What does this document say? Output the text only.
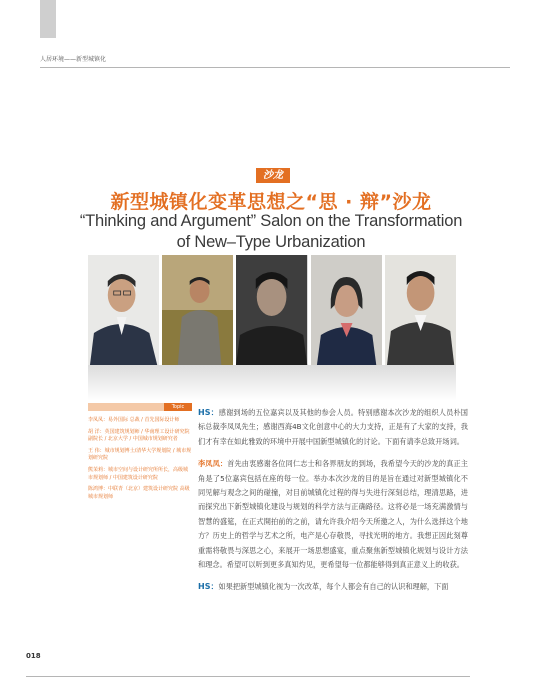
人居环境——新型城镇化
沙龙
新型城镇化变革思想之“思 · 辩”沙龙
“Thinking and Argument” Salon on the Transformation
of New–Type Urbanization
Topic
李凤凤：易外国际 总裁 / 首先国际设计师
胡 洋：英国建筑规划师 / 华南理工设计研究院副院长 / 北京大学 / 中国城市规划研究者
王 伟：城市规划博士/清华大学规划院 / 城市规划研究院
熊茉莉：城市空间与设计研究所所长，高级城市规划师 / 中国建筑设计研究院
陈鸿博：中联青（北京）建筑设计研究院 高级城市规划师

HS：感谢到场的五位嘉宾以及其他的参会人员。特别感谢本次沙龙的组织人员朴国标总裁李凤凤先生；感谢西海4B文化创意中心的大力支持，正是有了大家的支持，我们才有幸在如此雅致的环境中开展中国新型城镇化的讨论。下面有请李总致开场词。

李凤凤：首先由衷感谢各位同仁志士和各界朋友的到场，我希望今天的沙龙的真正主角是了5位嘉宾包括在座的每一位。举办本次沙龙的目的是旨在通过对新型城镇化不同见解与观念之间的碰撞，对目前城镇化过程的得与失进行深刻总结，理清思路，进而探究出下新型城镇化建设与规划的科学方法与正确路径。这将必是一场充满激情与智慧的盛筵，在正式開拍前的之前，请允许我介绍今天所邀之人，为什么选择这个地方？历史上的哲学与艺术之所，电产是心存敬畏，寻找光明的地方。我想正因此刻尊重需将敬畏与深思之心，来展开一场思想盛宴，重点聚焦新型城镇化规划与设计方法和理念。希望可以听到更多真知灼见，更希望每一位都能够得到真正意义上的收获。

HS：如果把新型城镇化视为一次改革，每个人都会有自己的认识和理解，下面

018
